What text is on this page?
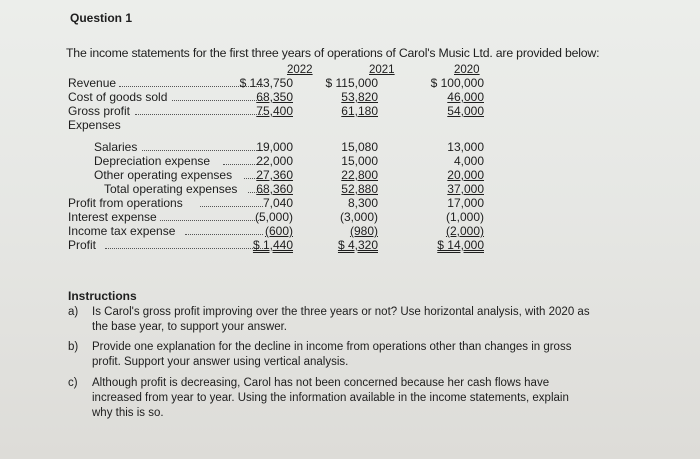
Question 1
The income statements for the first three years of operations of Carol's Music Ltd. are provided below:
2022	2021	2020
Revenue	$ 143,750	$ 115,000	$ 100,000
Cost of goods sold	68,350	53,820	46,000
Gross profit	75,400	61,180	54,000
Expenses
Salaries	19,000	15,080	13,000
Depreciation expense	22,000	15,000	4,000
Other operating expenses 27,360	22,800	20,000
Total operating expenses 68,360	52,880	37,000
Profit from operations	7,040	8,300	17,000
Interest expense	(5,000)	(3,000)	(1,000)
Income tax expense	(600)	(980)	(2,000)
Profit	$ 1,440	$ 4,320	$ 14,000
Instructions
a) Is Carol's gross profit improving over the three years or not? Use horizontal analysis, with 2020 as
the base year, to support your answer.
b) Provide one explanation for the decline in income from operations other than changes in gross
profit. Support your answer using vertical analysis.
c) Although profit is decreasing, Carol has not been concerned because her cash flows have
increased from year to year. Using the information available in the income statements, explain
why this is so.
